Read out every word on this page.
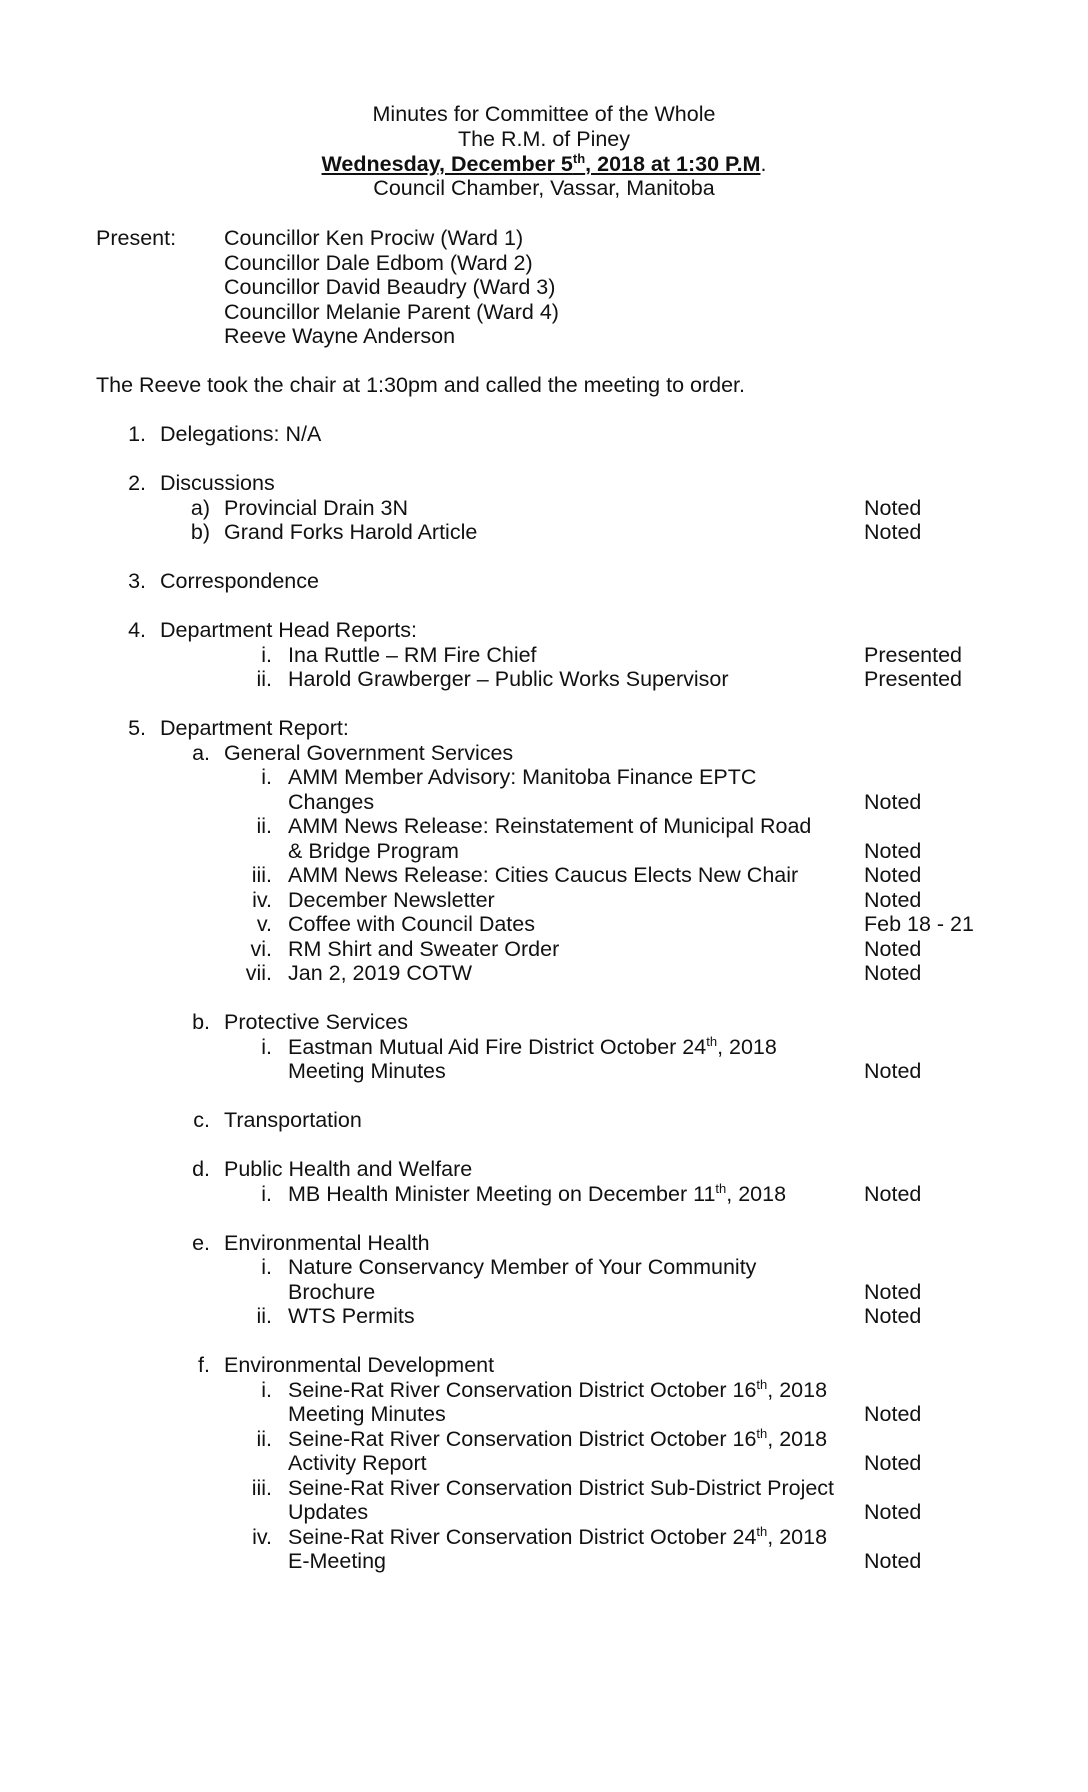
Minutes for Committee of the Whole
The R.M. of Piney
Wednesday, December 5th, 2018 at 1:30 P.M.
Council Chamber, Vassar, Manitoba
Present: Councillor Ken Prociw (Ward 1)
Councillor Dale Edbom (Ward 2)
Councillor David Beaudry (Ward 3)
Councillor Melanie Parent (Ward 4)
Reeve Wayne Anderson
The Reeve took the chair at 1:30pm and called the meeting to order.
1. Delegations: N/A
2. Discussions
a) Provincial Drain 3N	Noted
b) Grand Forks Harold Article	Noted
3. Correspondence
4. Department Head Reports:
i. Ina Ruttle – RM Fire Chief	Presented
ii. Harold Grawberger – Public Works Supervisor	Presented
5. Department Report:
a. General Government Services
i. AMM Member Advisory: Manitoba Finance EPTC
Changes	Noted
ii. AMM News Release: Reinstatement of Municipal Road
& Bridge Program	Noted
iii. AMM News Release: Cities Caucus Elects New Chair	Noted
iv. December Newsletter	Noted
v. Coffee with Council Dates	Feb 18 - 21
vi. RM Shirt and Sweater Order	Noted
vii. Jan 2, 2019 COTW	Noted
b. Protective Services
i. Eastman Mutual Aid Fire District October 24th, 2018
Meeting Minutes	Noted
c. Transportation
d. Public Health and Welfare
i. MB Health Minister Meeting on December 11th, 2018	Noted
e. Environmental Health
i. Nature Conservancy Member of Your Community
Brochure	Noted
ii. WTS Permits	Noted
f. Environmental Development
i. Seine-Rat River Conservation District October 16th, 2018
Meeting Minutes	Noted
ii. Seine-Rat River Conservation District October 16th, 2018
Activity Report	Noted
iii. Seine-Rat River Conservation District Sub-District Project
Updates	Noted
iv. Seine-Rat River Conservation District October 24th, 2018
E-Meeting	Noted
